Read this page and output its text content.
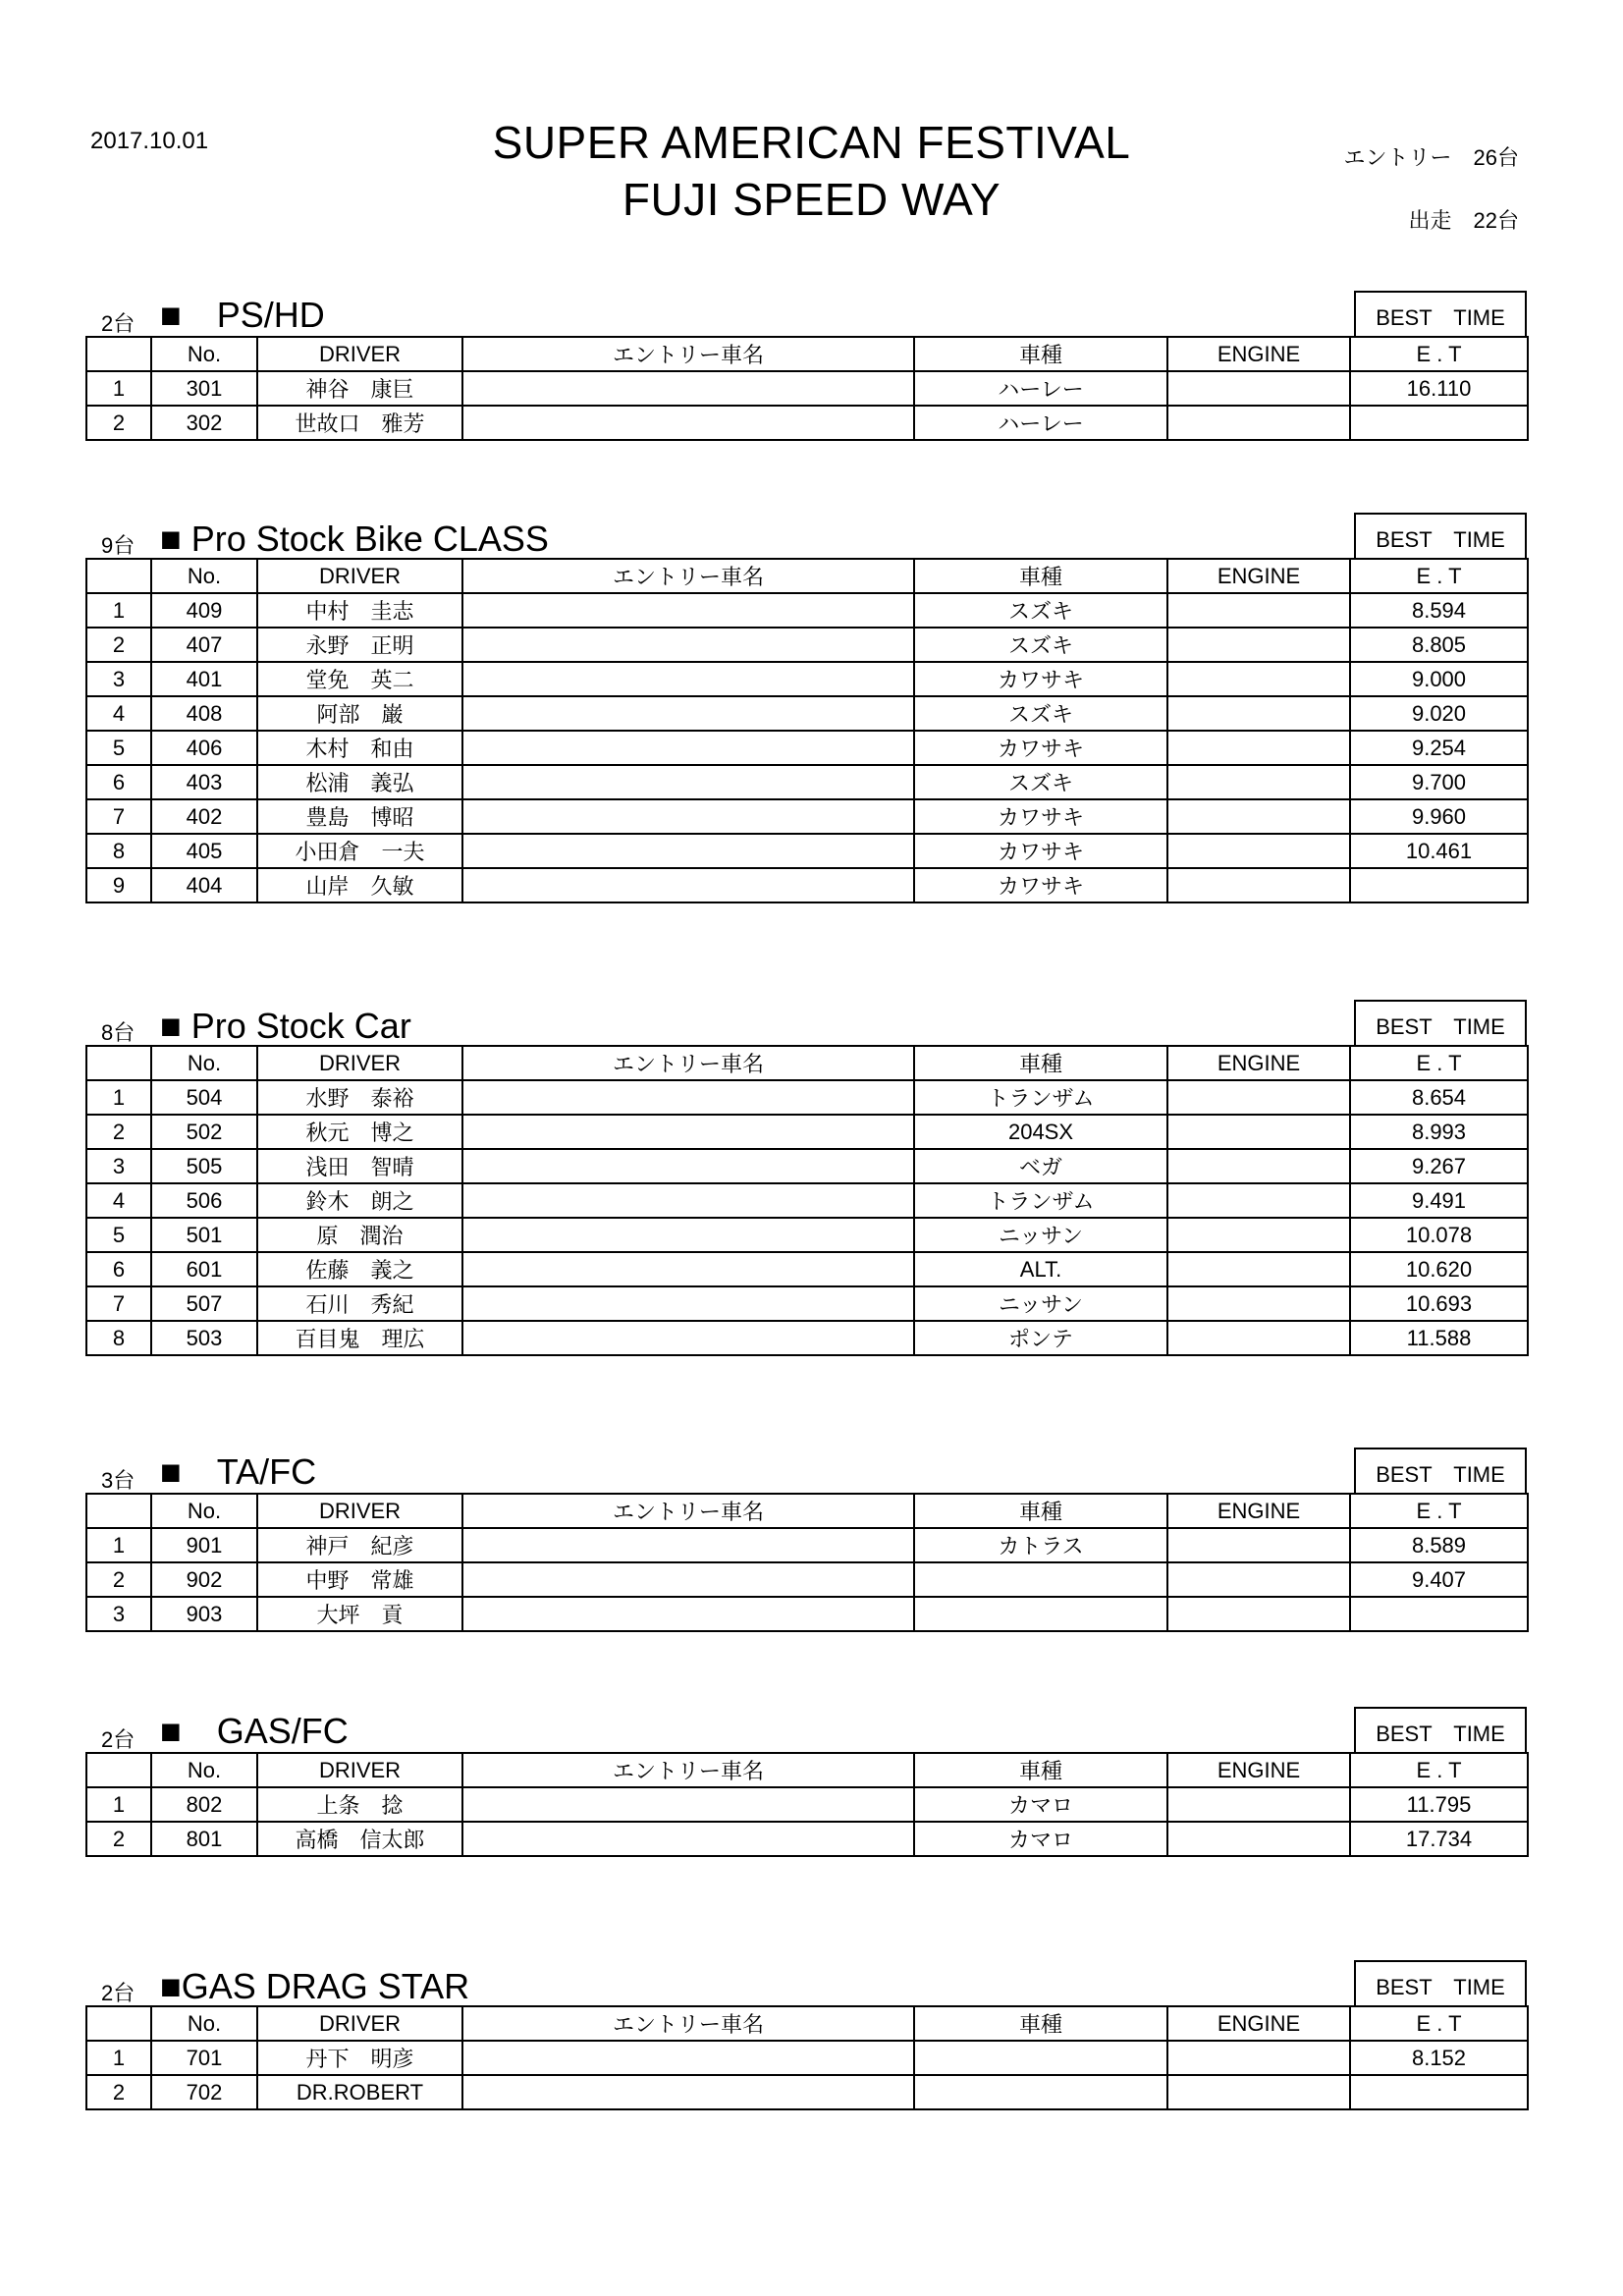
2017.10.01	SUPER AMERICAN FESTIVAL
FUJI SPEED WAY
エントリー　26台
出走　22台
2台 ■　PS/HD	BEST　TIME
	No.	DRIVER	エントリー車名	車種	ENGINE	E . T
1	301	神谷　康巨		ハーレー		16.110
2	302	世故口　雅芳		ハーレー		
9台 ■ Pro Stock Bike CLASS	BEST　TIME
	No.	DRIVER	エントリー車名	車種	ENGINE	E . T
1	409	中村　圭志		スズキ		8.594
2	407	永野　正明		スズキ		8.805
3	401	堂免　英二		カワサキ		9.000
4	408	阿部　巌		スズキ		9.020
5	406	木村　和由		カワサキ		9.254
6	403	松浦　義弘		スズキ		9.700
7	402	豊島　博昭		カワサキ		9.960
8	405	小田倉　一夫		カワサキ		10.461
9	404	山岸　久敏		カワサキ		
8台 ■ Pro Stock Car	BEST　TIME
	No.	DRIVER	エントリー車名	車種	ENGINE	E . T
1	504	水野　泰裕		トランザム		8.654
2	502	秋元　博之		204SX		8.993
3	505	浅田　智晴		ベガ		9.267
4	506	鈴木　朗之		トランザム		9.491
5	501	原　潤治		ニッサン		10.078
6	601	佐藤　義之		ALT.		10.620
7	507	石川　秀紀		ニッサン		10.693
8	503	百目鬼　理広		ポンテ		11.588
3台 ■　TA/FC	BEST　TIME
	No.	DRIVER	エントリー車名	車種	ENGINE	E . T
1	901	神戸　紀彦		カトラス		8.589
2	902	中野　常雄				9.407
3	903	大坪　貢				
2台 ■　GAS/FC	BEST　TIME
	No.	DRIVER	エントリー車名	車種	ENGINE	E . T
1	802	上条　捻		カマロ		11.795
2	801	高橋　信太郎		カマロ		17.734
2台 ■GAS DRAG STAR	BEST　TIME
	No.	DRIVER	エントリー車名	車種	ENGINE	E . T
1	701	丹下　明彦				8.152
2	702	DR.ROBERT				
